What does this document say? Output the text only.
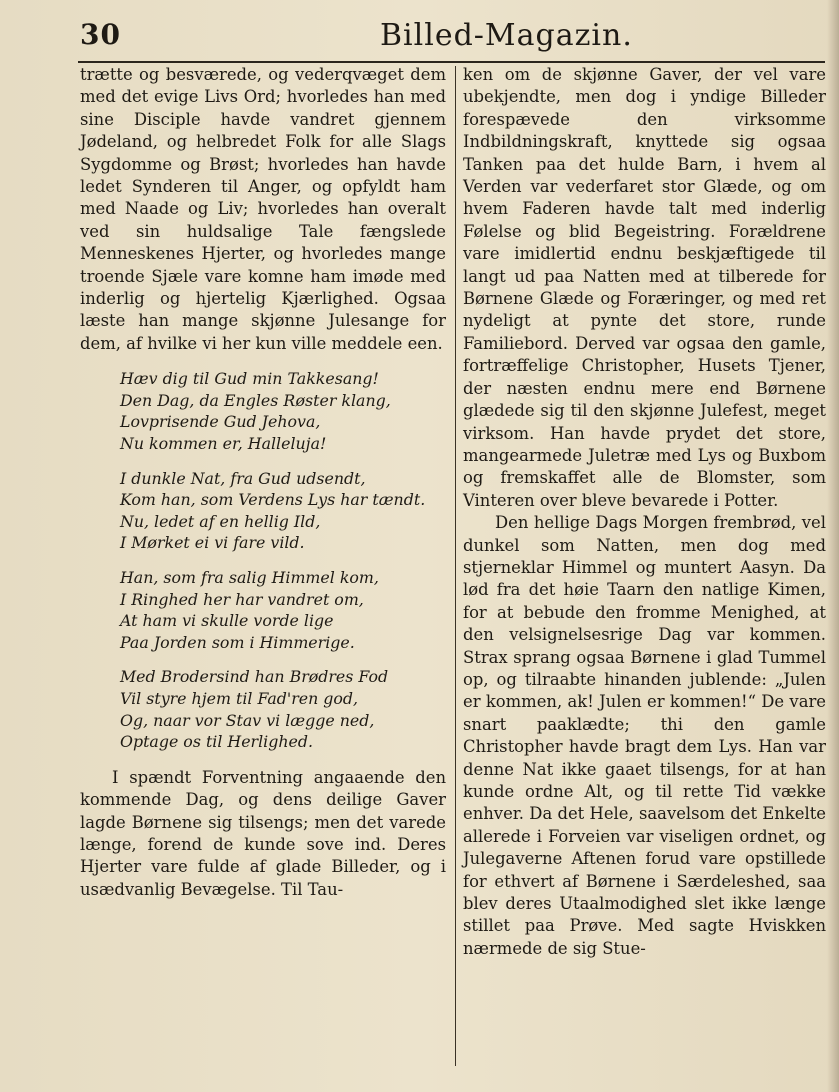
30	Billed-Magazin.

trætte og besværede, og vederqvæget dem med det evige Livs Ord; hvorledes han med sine Disciple havde vandret gjennem Jødeland, og helbredet Folk for alle Slags Sygdomme og Brøst; hvorledes han havde ledet Synderen til Anger, og opfyldt ham med Naade og Liv; hvorledes han overalt ved sin huldsalige Tale fængslede Menneskenes Hjerter, og hvorledes mange troende Sjæle vare komne ham imøde med inderlig og hjertelig Kjærlighed. Ogsaa læste han mange skjønne Julesange for dem, af hvilke vi her kun ville meddele een.

Hæv dig til Gud min Takkesang!
Den Dag, da Engles Røster klang,
Lovprisende Gud Jehova,
Nu kommen er, Halleluja!
I dunkle Nat, fra Gud udsendt,
Kom han, som Verdens Lys har tændt.
Nu, ledet af en hellig Ild,
I Mørket ei vi fare vild.
Han, som fra salig Himmel kom,
I Ringhed her har vandret om,
At ham vi skulle vorde lige
Paa Jorden som i Himmerige.
Med Brodersind han Brødres Fod
Vil styre hjem til Fad'ren god,
Og, naar vor Stav vi lægge ned,
Optage os til Herlighed.

I spændt Forventning angaaende den kommende Dag, og dens deilige Gaver lagde Børnene sig tilsengs; men det varede længe, forend de kunde sove ind. Deres Hjerter vare fulde af glade Billeder, og i usædvanlig Bevægelse. Til Tau-

ken om de skjønne Gaver, der vel vare ubekjendte, men dog i yndige Billeder forespævede den virksomme Indbildningskraft, knyttede sig ogsaa Tanken paa det hulde Barn, i hvem al Verden var vederfaret stor Glæde, og om hvem Faderen havde talt med inderlig Følelse og blid Begeistring. Forældrene vare imidlertid endnu beskjæftigede til langt ud paa Natten med at tilberede for Børnene Glæde og Foræringer, og med ret nydeligt at pynte det store, runde Familiebord. Derved var ogsaa den gamle, fortræffelige Christopher, Husets Tjener, der næsten endnu mere end Børnene glædede sig til den skjønne Julefest, meget virksom. Han havde prydet det store, mangearmede Juletræ med Lys og Buxbom og fremskaffet alle de Blomster, som Vinteren over bleve bevarede i Potter.

Den hellige Dags Morgen frembrød, vel dunkel som Natten, men dog med stjerneklar Himmel og muntert Aasyn. Da lød fra det høie Taarn den natlige Kimen, for at bebude den fromme Menighed, at den velsignelsesrige Dag var kommen. Strax sprang ogsaa Børnene i glad Tummel op, og tilraabte hinanden jublende: „Julen er kommen, ak! Julen er kommen!“ De vare snart paaklædte; thi den gamle Christopher havde bragt dem Lys. Han var denne Nat ikke gaaet tilsengs, for at han kunde ordne Alt, og til rette Tid vække enhver. Da det Hele, saavelsom det Enkelte allerede i Forveien var viseligen ordnet, og Julegaverne Aftenen forud vare opstillede for ethvert af Børnene i Særdeleshed, saa blev deres Utaalmodighed slet ikke længe stillet paa Prøve. Med sagte Hviskken nærmede de sig Stue-
